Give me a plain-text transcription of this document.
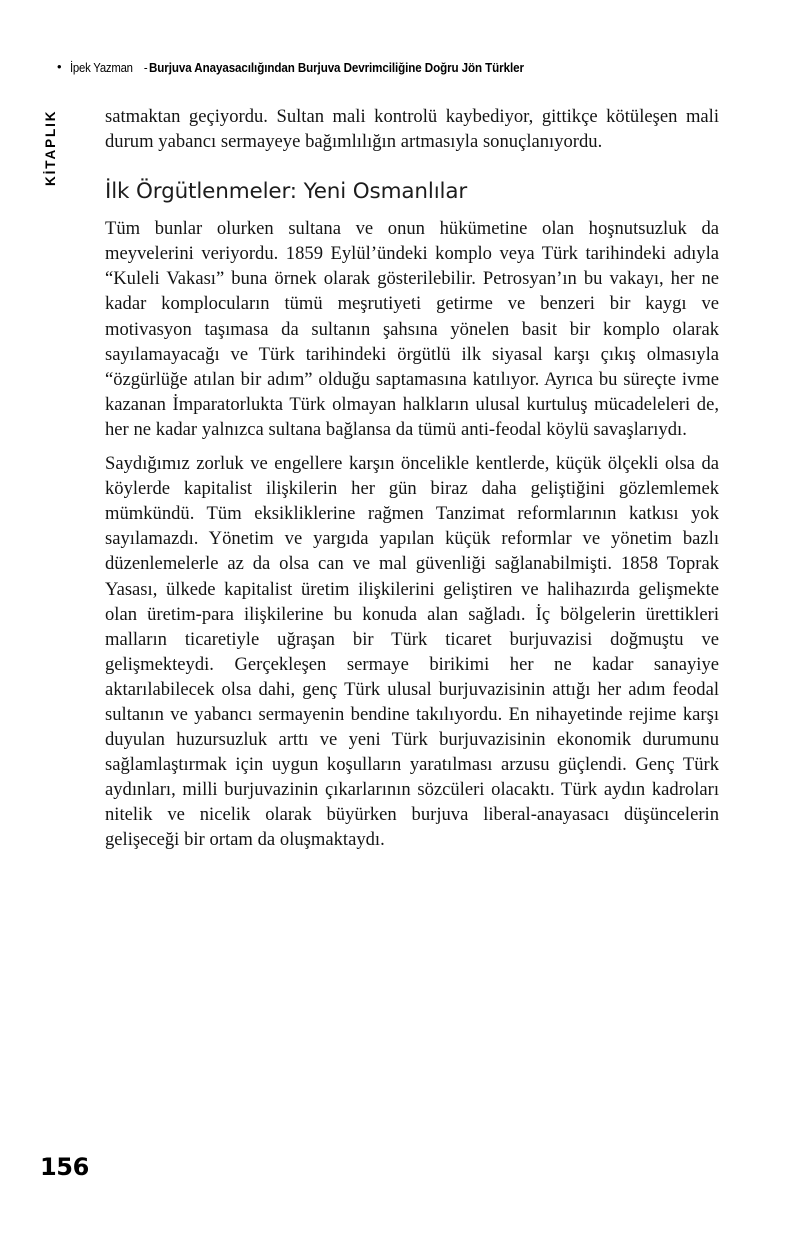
• İpek Yazman - Burjuva Anayasacılığından Burjuva Devrimciliğine Doğru Jön Türkler
KİTAPLIK	satmaktan geçiyordu. Sultan mali kontrolü kaybediyor, gittikçe kötüleşen mali durum yabancı sermayeye bağımlılığın artmasıyla sonuçlanıyordu.

İlk Örgütlenmeler: Yeni Osmanlılar

Tüm bunlar olurken sultana ve onun hükümetine olan hoşnutsuzluk da meyvelerini veriyordu. 1859 Eylül’ündeki komplo veya Türk tarihindeki adıyla “Kuleli Vakası” buna örnek olarak gösterilebilir. Petrosyan’ın bu vakayı, her ne kadar komplocuların tümü meşrutiyeti getirme ve benzeri bir kaygı ve motivasyon taşımasa da sultanın şahsına yönelen basit bir komplo olarak sayılamayacağı ve Türk tarihindeki örgütlü ilk siyasal karşı çıkış olmasıyla “özgürlüğe atılan bir adım” olduğu saptamasına katılıyor. Ayrıca bu süreçte ivme kazanan İmparatorlukta Türk olmayan halkların ulusal kurtuluş mücadeleleri de, her ne kadar yalnızca sultana bağlansa da tümü anti-feodal köylü savaşlarıydı.

Saydığımız zorluk ve engellere karşın öncelikle kentlerde, küçük ölçekli olsa da köylerde kapitalist ilişkilerin her gün biraz daha geliştiğini gözlemlemek mümkündü. Tüm eksikliklerine rağmen Tanzimat reformlarının katkısı yok sayılamazdı. Yönetim ve yargıda yapılan küçük reformlar ve yönetim bazlı düzenlemelerle az da olsa can ve mal güvenliği sağlanabilmişti. 1858 Toprak Yasası, ülkede kapitalist üretim ilişkilerini geliştiren ve halihazırda gelişmekte olan üretim-para ilişkilerine bu konuda alan sağladı. İç bölgelerin ürettikleri malların ticaretiyle uğraşan bir Türk ticaret burjuvazisi doğmuştu ve gelişmekteydi. Gerçekleşen sermaye birikimi her ne kadar sanayiye aktarılabilecek olsa dahi, genç Türk ulusal burjuvazisinin attığı her adım feodal sultanın ve yabancı sermayenin bendine takılıyordu. En nihayetinde rejime karşı duyulan huzursuzluk arttı ve yeni Türk burjuvazisinin ekonomik durumunu sağlamlaştırmak için uygun koşulların yaratılması arzusu güçlendi. Genç Türk aydınları, milli burjuvazinin çıkarlarının sözcüleri olacaktı. Türk aydın kadroları nitelik ve nicelik olarak büyürken burjuva liberal-anayasacı düşüncelerin gelişeceği bir ortam da oluşmaktaydı.

156
